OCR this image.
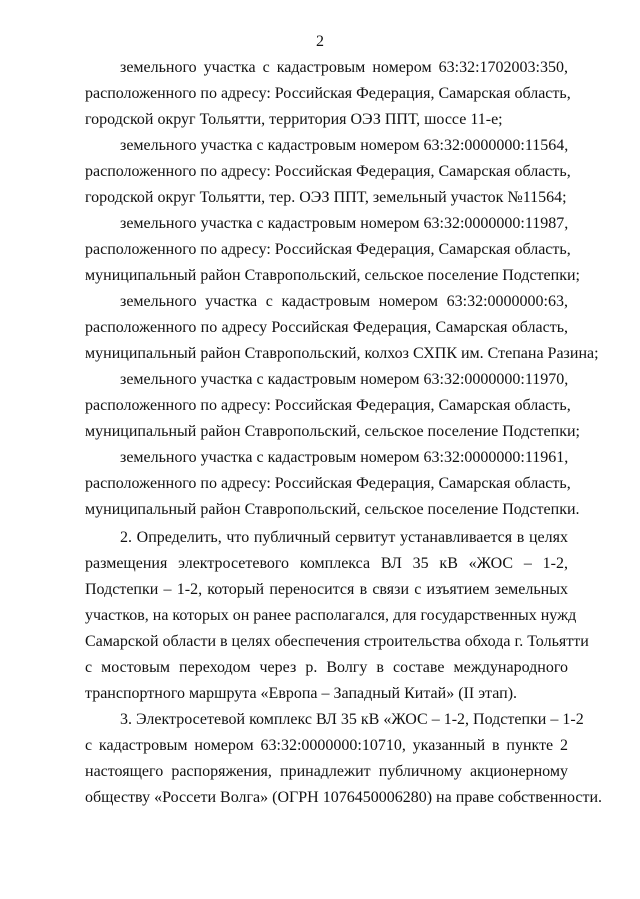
2
земельного участка с кадастровым номером 63:32:1702003:350,
расположенного по адресу: Российская Федерация, Самарская область,
городской округ Тольятти, территория ОЭЗ ППТ, шоссе 11-е;
земельного участка с кадастровым номером 63:32:0000000:11564,
расположенного по адресу: Российская Федерация, Самарская область,
городской округ Тольятти, тер. ОЭЗ ППТ, земельный участок №11564;
земельного участка с кадастровым номером 63:32:0000000:11987,
расположенного по адресу: Российская Федерация, Самарская область,
муниципальный район Ставропольский, сельское поселение Подстепки;
земельного участка с кадастровым номером 63:32:0000000:63,
расположенного по адресу Российская Федерация, Самарская область,
муниципальный район Ставропольский, колхоз СХПК им. Степана Разина;
земельного участка с кадастровым номером 63:32:0000000:11970,
расположенного по адресу: Российская Федерация, Самарская область,
муниципальный район Ставропольский, сельское поселение Подстепки;
земельного участка с кадастровым номером 63:32:0000000:11961,
расположенного по адресу: Российская Федерация, Самарская область,
муниципальный район Ставропольский, сельское поселение Подстепки.
2. Определить, что публичный сервитут устанавливается в целях
размещения электросетевого комплекса ВЛ 35 кВ «ЖОС – 1-2,
Подстепки – 1-2, который переносится в связи с изъятием земельных
участков, на которых он ранее располагался, для государственных нужд
Самарской области в целях обеспечения строительства обхода г. Тольятти
с мостовым переходом через р. Волгу в составе международного
транспортного маршрута «Европа – Западный Китай» (II этап).
3. Электросетевой комплекс ВЛ 35 кВ «ЖОС – 1-2, Подстепки – 1-2
с кадастровым номером 63:32:0000000:10710, указанный в пункте 2
настоящего распоряжения, принадлежит публичному акционерному
обществу «Россети Волга» (ОГРН 1076450006280) на праве собственности.
